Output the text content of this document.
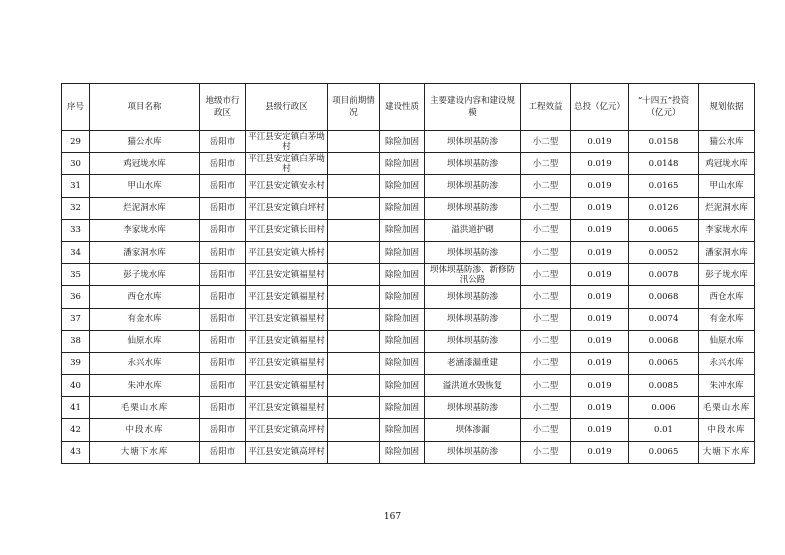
序号	项目名称	地级市行政区	县级行政区	项目前期情况	建设性质	主要建设内容和建设规模	工程效益	总投（亿元）	“十四五”投资（亿元）	规划依据
29	猫公水库	岳阳市	平江县安定镇白茅坳村		除险加固	坝体坝基防渗	小二型	0.019	0.0158	猫公水库
30	鸡冠垅水库	岳阳市	平江县安定镇白茅坳村		除险加固	坝体坝基防渗	小二型	0.019	0.0148	鸡冠垅水库
31	甲山水库	岳阳市	平江县安定镇安永村		除险加固	坝体坝基防渗	小二型	0.019	0.0165	甲山水库
32	烂泥洞水库	岳阳市	平江县安定镇白坪村		除险加固	坝体坝基防渗	小二型	0.019	0.0126	烂泥洞水库
33	李家垅水库	岳阳市	平江县安定镇长田村		除险加固	溢洪道护砌	小二型	0.019	0.0065	李家垅水库
34	潘家洞水库	岳阳市	平江县安定镇大桥村		除险加固	坝体坝基防渗	小二型	0.019	0.0052	潘家洞水库
35	彭子垅水库	岳阳市	平江县安定镇福星村		除险加固	坝体坝基防渗、新修防汛公路	小二型	0.019	0.0078	彭子垅水库
36	西仓水库	岳阳市	平江县安定镇福星村		除险加固	坝体坝基防渗	小二型	0.019	0.0068	西仓水库
37	有金水库	岳阳市	平江县安定镇福星村		除险加固	坝体坝基防渗	小二型	0.019	0.0074	有金水库
38	仙原水库	岳阳市	平江县安定镇福星村		除险加固	坝体坝基防渗	小二型	0.019	0.0068	仙原水库
39	永兴水库	岳阳市	平江县安定镇福星村		除险加固	老涵漆漏重建	小二型	0.019	0.0065	永兴水库
40	朱冲水库	岳阳市	平江县安定镇福星村		除险加固	溢洪道水毁恢复	小二型	0.019	0.0085	朱冲水库
41	毛栗山水库	岳阳市	平江县安定镇福星村		除险加固	坝体坝基防渗	小二型	0.019	0.006	毛栗山水库
42	中段水库	岳阳市	平江县安定镇高坪村		除险加固	坝体渗漏	小二型	0.019	0.01	中段水库
43	大塘下水库	岳阳市	平江县安定镇高坪村		除险加固	坝体坝基防渗	小二型	0.019	0.0065	大塘下水库
167
